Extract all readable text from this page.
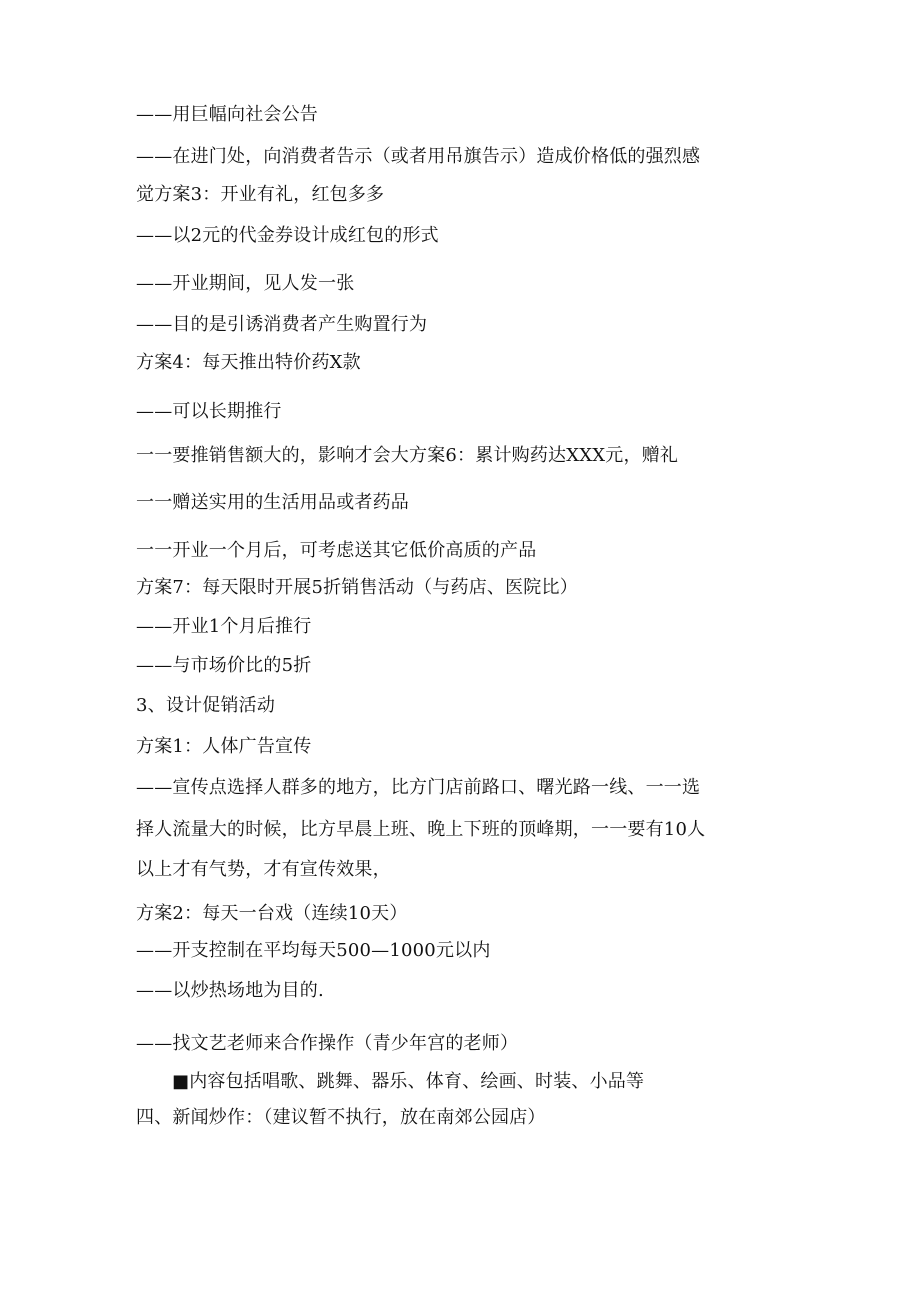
——用巨幅向社会公告
——在进门处，向消费者告示（或者用吊旗告示）造成价格低的强烈感
觉方案3：开业有礼，红包多多
——以2元的代金券设计成红包的形式
——开业期间，见人发一张
——目的是引诱消费者产生购置行为
方案4：每天推出特价药X款
——可以长期推行
一一要推销售额大的，影响才会大方案6：累计购药达XXX元，赠礼
一一赠送实用的生活用品或者药品
一一开业一个月后，可考虑送其它低价高质的产品
方案7：每天限时开展5折销售活动（与药店、医院比）
——开业1个月后推行
——与市场价比的5折
3、设计促销活动
方案1：人体广告宣传
——宣传点选择人群多的地方，比方门店前路口、曙光路一线、一一选
择人流量大的时候，比方早晨上班、晚上下班的顶峰期，一一要有10人
以上才有气势，才有宣传效果，
方案2：每天一台戏（连续10天）
——开支控制在平均每天500—1000元以内
——以炒热场地为目的.
——找文艺老师来合作操作（青少年宫的老师）
■内容包括唱歌、跳舞、器乐、体育、绘画、时装、小品等
四、新闻炒作：（建议暂不执行，放在南郊公园店）
